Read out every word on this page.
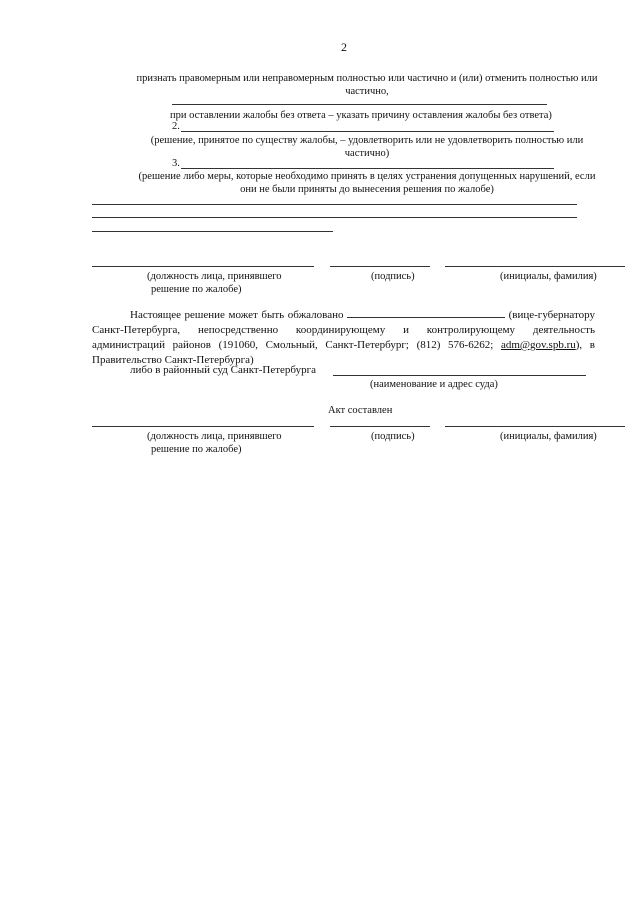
2
признать правомерным или неправомерным полностью или частично и (или) отменить полностью или частично,
при оставлении жалобы без ответа – указать причину оставления жалобы без ответа)
2.
(решение, принятое по существу жалобы, – удовлетворить или не удовлетворить полностью или частично)
3.
(решение либо меры, которые необходимо принять в целях устранения допущенных нарушений, если они не были приняты до вынесения решения по жалобе)
(должность лица, принявшего
решение по жалобе)
(подпись)	(инициалы, фамилия)
Настоящее решение может быть обжаловано	(вице-губернатору Санкт-Петербурга, непосредственно координирующему и контролирующему деятельность администраций районов (191060, Смольный, Санкт-Петербург; (812) 576-6262; adm@gov.spb.ru), в Правительство Санкт-Петербурга)
либо в районный суд Санкт-Петербурга
(наименование и адрес суда)
Акт составлен
(должность лица, принявшего
решение по жалобе)
(подпись)	(инициалы, фамилия)
